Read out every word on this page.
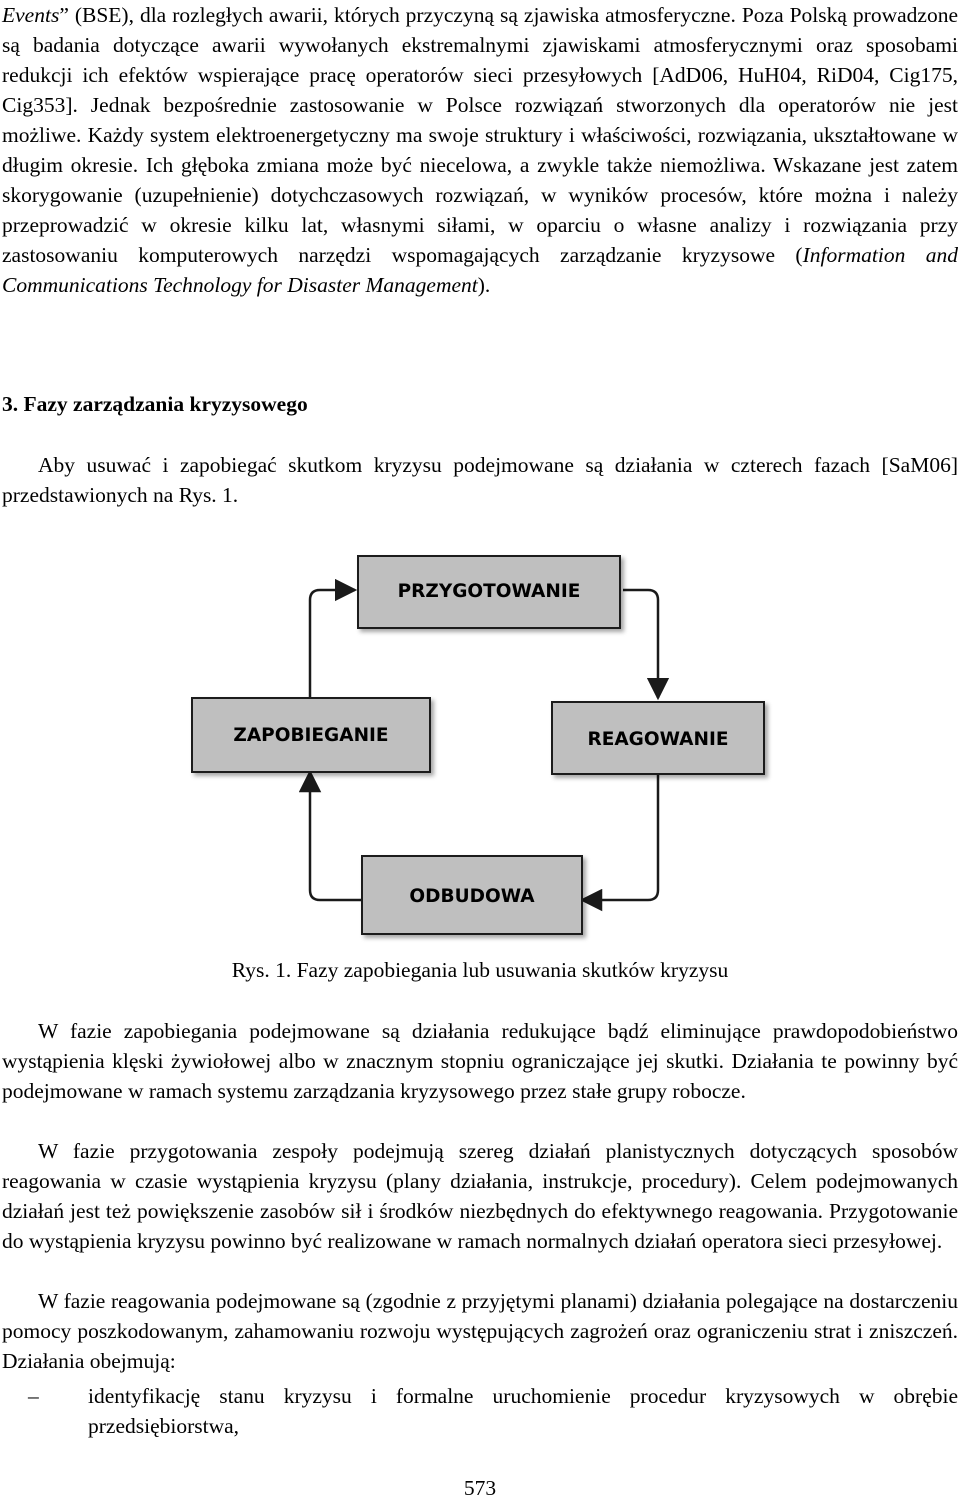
Events” (BSE), dla rozległych awarii, których przyczyną są zjawiska atmosferyczne. Poza Polską prowadzone są badania dotyczące awarii wywołanych ekstremalnymi zjawiskami atmosferycznymi oraz sposobami redukcji ich efektów wspierające pracę operatorów sieci przesyłowych [AdD06, HuH04, RiD04, Cig175, Cig353]. Jednak bezpośrednie zastosowanie w Polsce rozwiązań stworzonych dla operatorów nie jest możliwe. Każdy system elektroenergetyczny ma swoje struktury i właściwości, rozwiązania, ukształtowane w długim okresie. Ich głęboka zmiana może być niecelowa, a zwykle także niemożliwa. Wskazane jest zatem skorygowanie (uzupełnienie) dotychczasowych rozwiązań, w wyników procesów, które można i należy przeprowadzić w okresie kilku lat, własnymi siłami, w oparciu o własne analizy i rozwiązania przy zastosowaniu komputerowych narzędzi wspomagających zarządzanie kryzysowe (Information and Communications Technology for Disaster Management).

3. Fazy zarządzania kryzysowego

Aby usuwać i zapobiegać skutkom kryzysu podejmowane są działania w czterech fazach [SaM06] przedstawionych na Rys. 1.

PRZYGOTOWANIE
ZAPOBIEGANIE	REAGOWANIE
ODBUDOWA
Rys. 1. Fazy zapobiegania lub usuwania skutków kryzysu

W fazie zapobiegania podejmowane są działania redukujące bądź eliminujące prawdopodobieństwo wystąpienia klęski żywiołowej albo w znacznym stopniu ograniczające jej skutki. Działania te powinny być podejmowane w ramach systemu zarządzania kryzysowego przez stałe grupy robocze.

W fazie przygotowania zespoły podejmują szereg działań planistycznych dotyczących sposobów reagowania w czasie wystąpienia kryzysu (plany działania, instrukcje, procedury). Celem podejmowanych działań jest też powiększenie zasobów sił i środków niezbędnych do efektywnego reagowania. Przygotowanie do wystąpienia kryzysu powinno być realizowane w ramach normalnych działań operatora sieci przesyłowej.

W fazie reagowania podejmowane są (zgodnie z przyjętymi planami) działania polegające na dostarczeniu pomocy poszkodowanym, zahamowaniu rozwoju występujących zagrożeń oraz ograniczeniu strat i zniszczeń. Działania obejmują:

– identyfikację stanu kryzysu i formalne uruchomienie procedur kryzysowych w obrębie przedsiębiorstwa,

573
